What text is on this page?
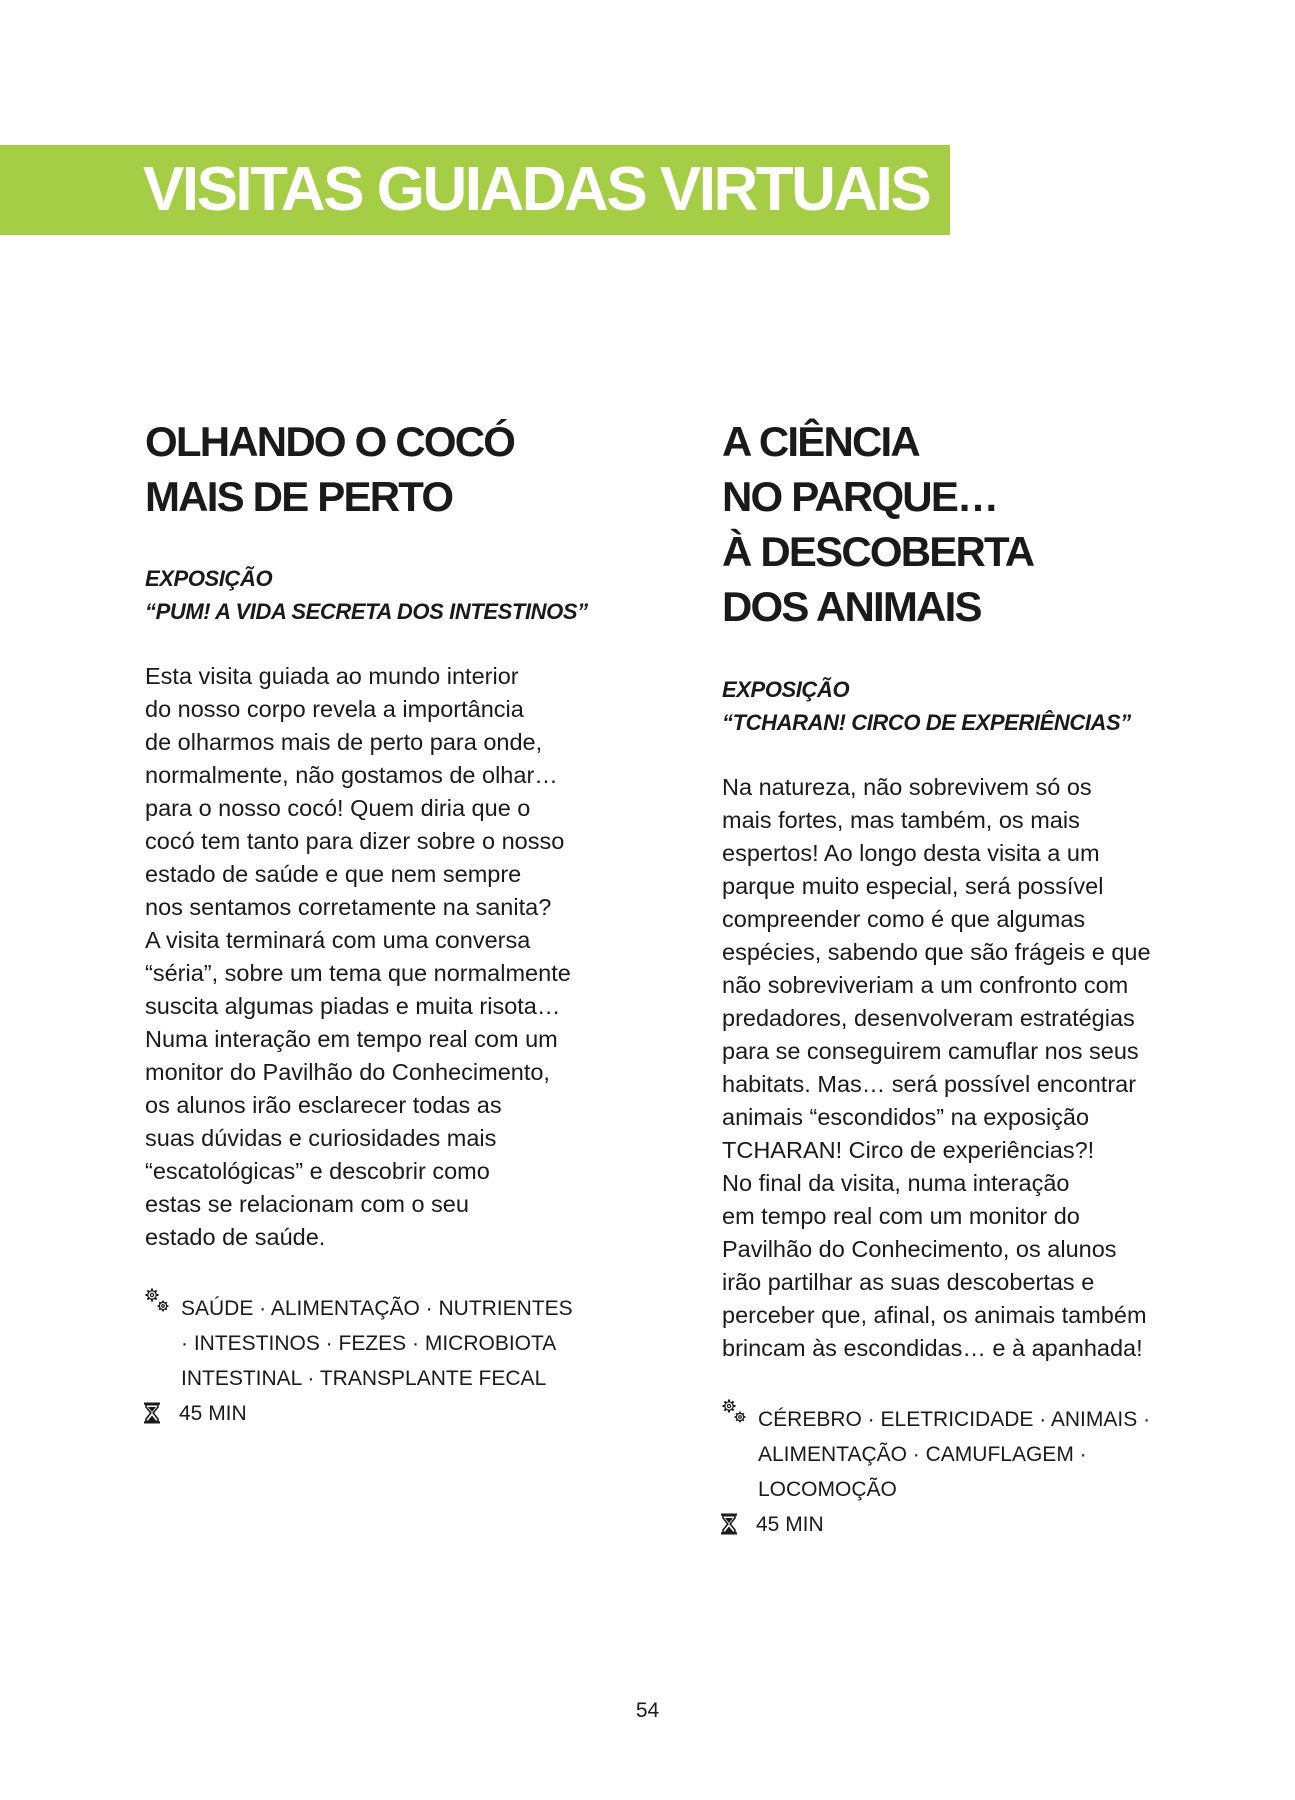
VISITAS GUIADAS VIRTUAIS
OLHANDO O COCÓ
MAIS DE PERTO

EXPOSIÇÃO
“PUM! A VIDA SECRETA DOS INTESTINOS”

Esta visita guiada ao mundo interior
do nosso corpo revela a importância
de olharmos mais de perto para onde,
normalmente, não gostamos de olhar…
para o nosso cocó! Quem diria que o
cocó tem tanto para dizer sobre o nosso
estado de saúde e que nem sempre
nos sentamos corretamente na sanita?
A visita terminará com uma conversa
“séria”, sobre um tema que normalmente
suscita algumas piadas e muita risota…
Numa interação em tempo real com um
monitor do Pavilhão do Conhecimento,
os alunos irão esclarecer todas as
suas dúvidas e curiosidades mais
“escatológicas” e descobrir como
estas se relacionam com o seu
estado de saúde.

SAÚDE · ALIMENTAÇÃO · NUTRIENTES
· INTESTINOS · FEZES · MICROBIOTA
INTESTINAL · TRANSPLANTE FECAL
45 MIN
A CIÊNCIA
NO PARQUE…
À DESCOBERTA
DOS ANIMAIS

EXPOSIÇÃO
“TCHARAN! CIRCO DE EXPERIÊNCIAS”

Na natureza, não sobrevivem só os
mais fortes, mas também, os mais
espertos! Ao longo desta visita a um
parque muito especial, será possível
compreender como é que algumas
espécies, sabendo que são frágeis e que
não sobreviveriam a um confronto com
predadores, desenvolveram estratégias
para se conseguirem camuflar nos seus
habitats. Mas… será possível encontrar
animais “escondidos” na exposição
TCHARAN! Circo de experiências?!
No final da visita, numa interação
em tempo real com um monitor do
Pavilhão do Conhecimento, os alunos
irão partilhar as suas descobertas e
perceber que, afinal, os animais também
brincam às escondidas… e à apanhada!

CÉREBRO · ELETRICIDADE · ANIMAIS ·
ALIMENTAÇÃO · CAMUFLAGEM ·
LOCOMOÇÃO
45 MIN
54
